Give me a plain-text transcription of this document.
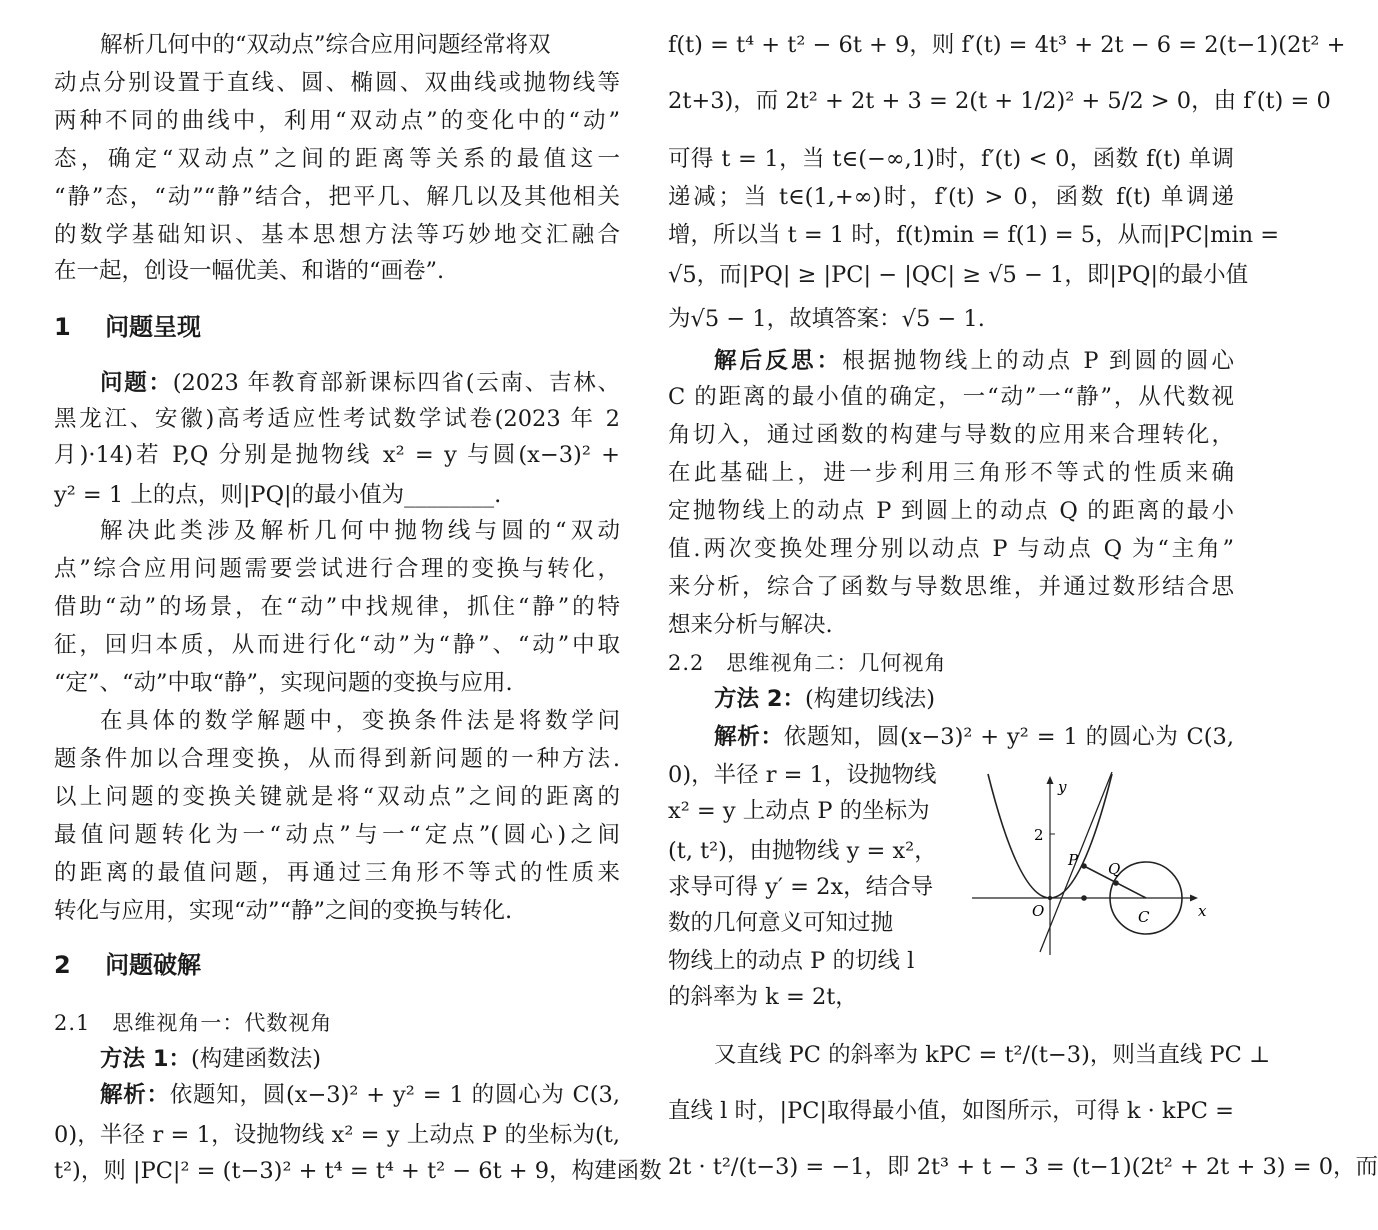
解析几何中的“双动点”综合应用问题经常将双
动点分别设置于直线、圆、椭圆、双曲线或抛物线等
两种不同的曲线中，利用“双动点”的变化中的“动”
态，确定“双动点”之间的距离等关系的最值这一
“静”态，“动”“静”结合，把平几、解几以及其他相关
的数学基础知识、基本思想方法等巧妙地交汇融合
在一起，创设一幅优美、和谐的“画卷”.
1 问题呈现
问题：(2023 年教育部新课标四省(云南、吉林、
黑龙江、安徽)高考适应性考试数学试卷(2023 年 2
月)·14)若 P,Q 分别是抛物线 x² = y 与圆(x−3)² +
y² = 1 上的点，则|PQ|的最小值为________.
解决此类涉及解析几何中抛物线与圆的“双动
点”综合应用问题需要尝试进行合理的变换与转化，
借助“动”的场景，在“动”中找规律，抓住“静”的特
征，回归本质，从而进行化“动”为“静”、“动”中取
“定”、“动”中取“静”，实现问题的变换与应用.
在具体的数学解题中，变换条件法是将数学问
题条件加以合理变换，从而得到新问题的一种方法.
以上问题的变换关键就是将“双动点”之间的距离的
最值问题转化为一“动点”与一“定点”(圆心)之间
的距离的最值问题，再通过三角形不等式的性质来
转化与应用，实现“动”“静”之间的变换与转化.
2 问题破解
2.1　思维视角一：代数视角
方法 1：(构建函数法)
解析：依题知，圆(x−3)² + y² = 1 的圆心为 C(3,
0)，半径 r = 1，设抛物线 x² = y 上动点 P 的坐标为(t,
t²)，则 |PC|² = (t−3)² + t⁴ = t⁴ + t² − 6t + 9，构建函数
f(t) = t⁴ + t² − 6t + 9，则 f′(t) = 4t³ + 2t − 6 = 2(t−1)(2t² +
2t+3)，而 2t² + 2t + 3 = 2(t + 1/2)² + 5/2 > 0，由 f′(t) = 0
可得 t = 1，当 t∈(−∞,1)时，f′(t) < 0，函数 f(t) 单调
递减；当 t∈(1,+∞)时，f′(t) > 0，函数 f(t) 单调递
增，所以当 t = 1 时，f(t)min = f(1) = 5，从而|PC|min =
√5，而|PQ| ≥ |PC| − |QC| ≥ √5 − 1，即|PQ|的最小值
为√5 − 1，故填答案：√5 − 1.
解后反思：根据抛物线上的动点 P 到圆的圆心
C 的距离的最小值的确定，一“动”一“静”，从代数视
角切入，通过函数的构建与导数的应用来合理转化，
在此基础上，进一步利用三角形不等式的性质来确
定抛物线上的动点 P 到圆上的动点 Q 的距离的最小
值.两次变换处理分别以动点 P 与动点 Q 为“主角”
来分析，综合了函数与导数思维，并通过数形结合思
想来分析与解决.
2.2　思维视角二：几何视角
方法 2：(构建切线法)
解析：依题知，圆(x−3)² + y² = 1 的圆心为 C(3,
0)，半径 r = 1，设抛物线
x² = y 上动点 P 的坐标为
(t, t²)，由抛物线 y = x²，
求导可得 y′ = 2x，结合导
数的几何意义可知过抛
物线上的动点 P 的切线 l
的斜率为 k = 2t，
又直线 PC 的斜率为 kPC = t²/(t−3)，则当直线 PC ⊥
直线 l 时，|PC|取得最小值，如图所示，可得 k · kPC =
2t · t²/(t−3) = −1，即 2t³ + t − 3 = (t−1)(2t² + 2t + 3) = 0，而
y
x
O
2
P Q
C
